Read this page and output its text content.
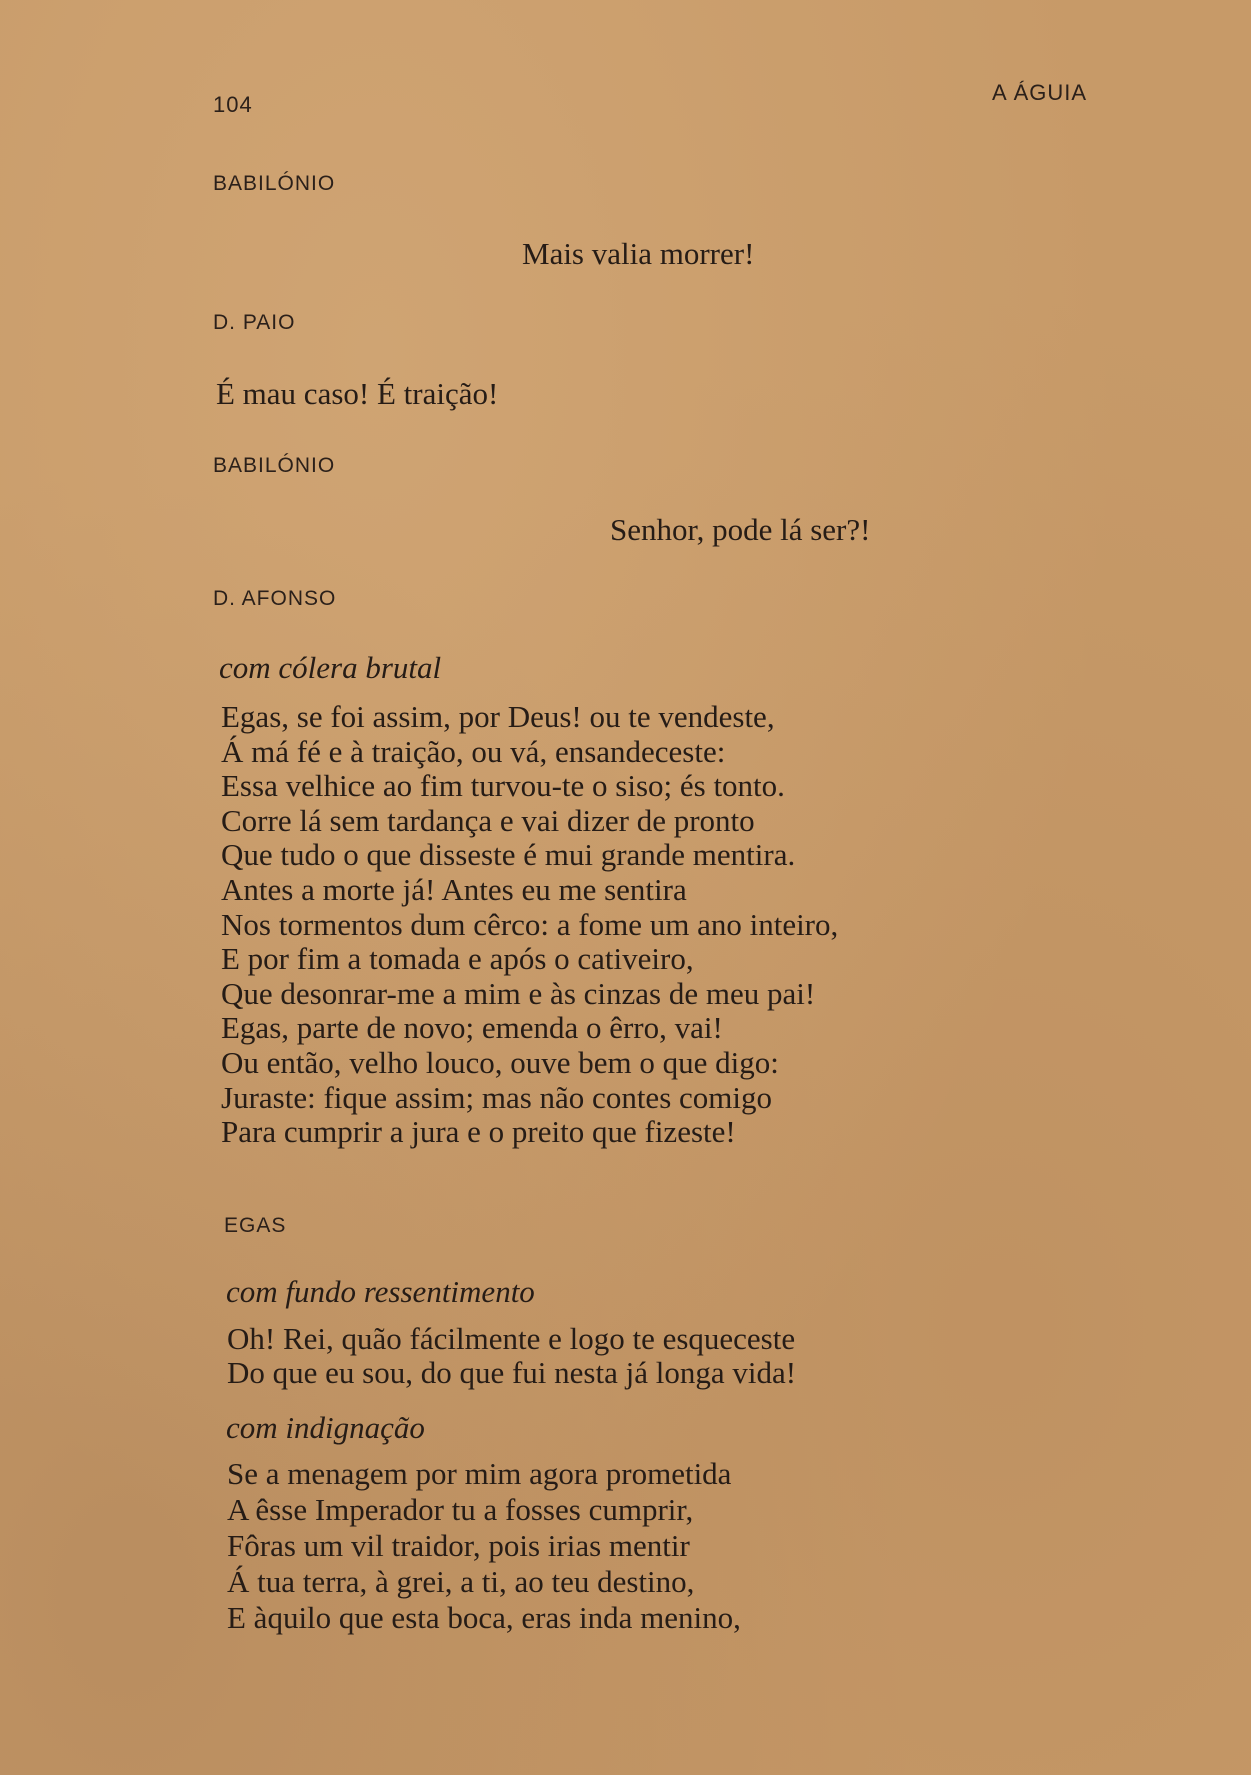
104	A ÁGUIA
BABILÓNIO
Mais valia morrer!
D. PAIO
É mau caso! É traição!
BABILÓNIO
Senhor, pode lá ser?!
D. AFONSO
com cólera brutal
Egas, se foi assim, por Deus! ou te vendeste,
Á má fé e à traição, ou vá, ensandeceste:
Essa velhice ao fim turvou-te o siso; és tonto.
Corre lá sem tardança e vai dizer de pronto
Que tudo o que disseste é mui grande mentira.
Antes a morte já! Antes eu me sentira
Nos tormentos dum cêrco: a fome um ano inteiro,
E por fim a tomada e após o cativeiro,
Que desonrar-me a mim e às cinzas de meu pai!
Egas, parte de novo; emenda o êrro, vai!
Ou então, velho louco, ouve bem o que digo:
Juraste: fique assim; mas não contes comigo
Para cumprir a jura e o preito que fizeste!
EGAS
com fundo ressentimento
Oh! Rei, quão fácilmente e logo te esqueceste
Do que eu sou, do que fui nesta já longa vida!
com indignação
Se a menagem por mim agora prometida
A êsse Imperador tu a fosses cumprir,
Fôras um vil traidor, pois irias mentir
Á tua terra, à grei, a ti, ao teu destino,
E àquilo que esta boca, eras inda menino,
